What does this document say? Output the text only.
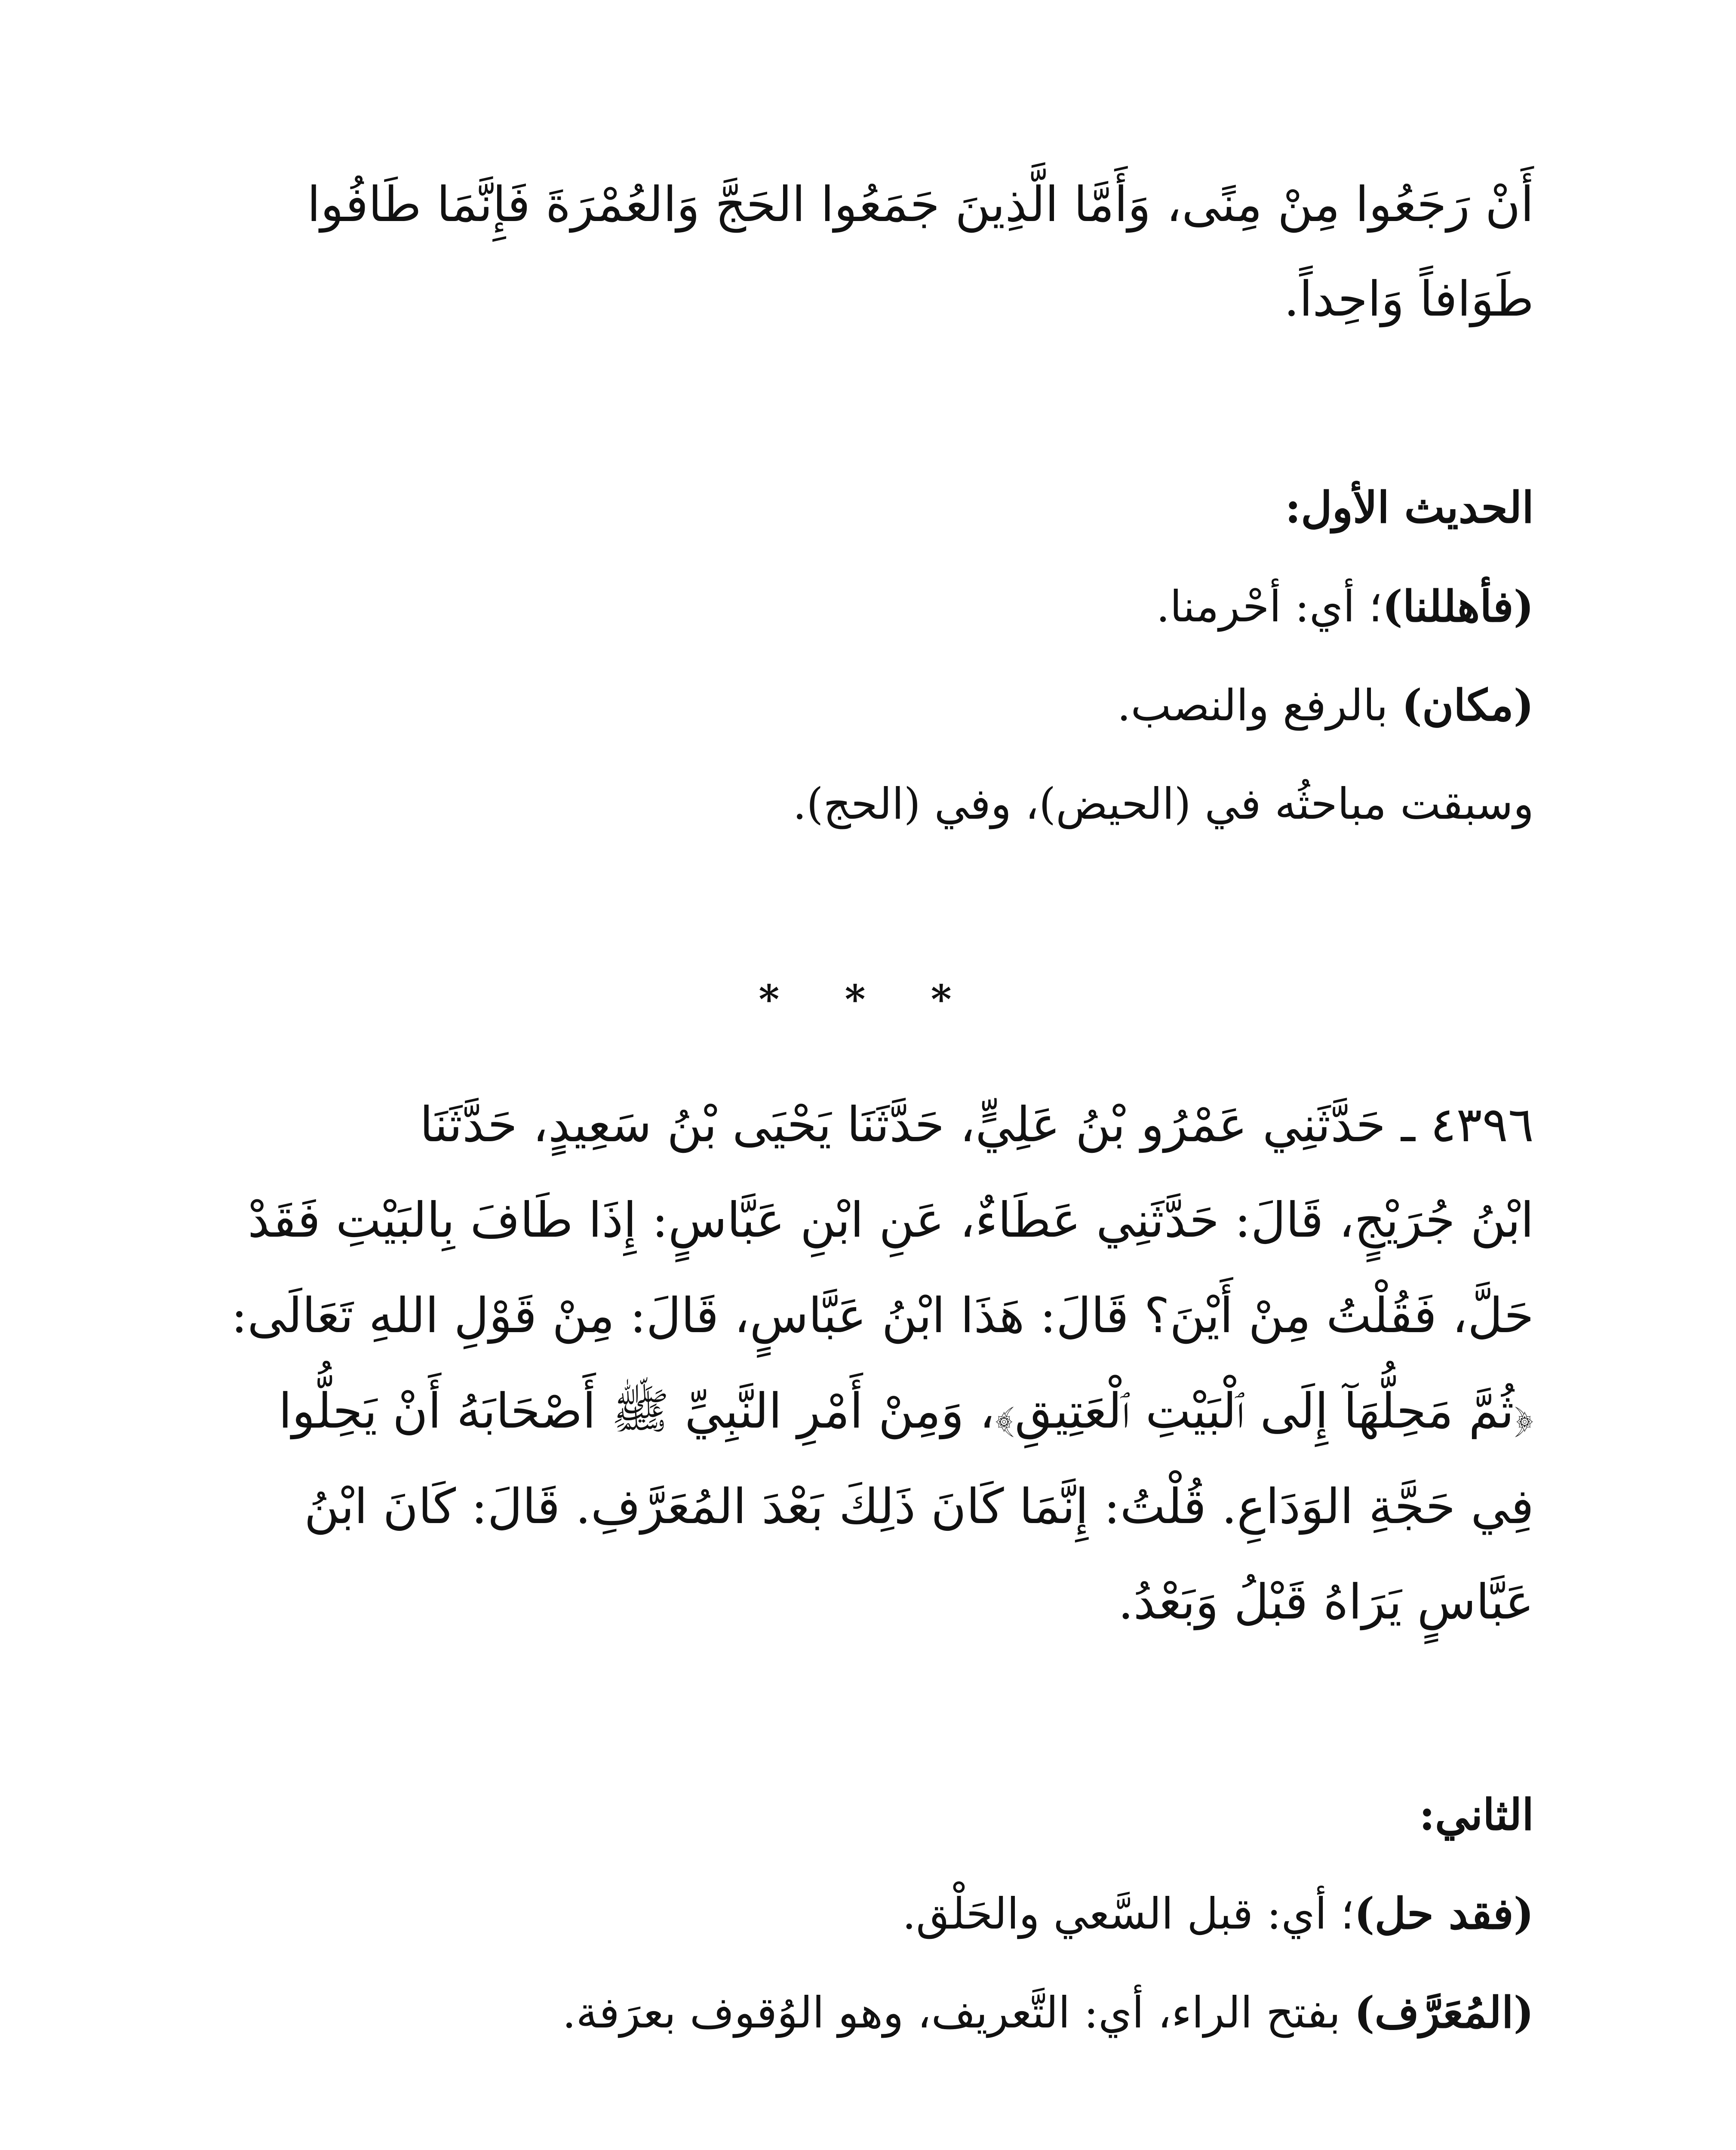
أَنْ رَجَعُوا مِنْ مِنًى، وَأَمَّا الَّذِينَ جَمَعُوا الحَجَّ وَالعُمْرَةَ فَإِنَّمَا طَافُوا
طَوَافاً وَاحِداً.
الحديث الأول:
(فأهللنا)؛ أي: أحْرمنا.
(مكان) بالرفع والنصب.
وسبقت مباحثُه في (الحيض)، وفي (الحج).
* * *
٤٣٩٦ ـ حَدَّثَنِي عَمْرُو بْنُ عَلِيٍّ، حَدَّثَنَا يَحْيَى بْنُ سَعِيدٍ، حَدَّثَنَا
ابْنُ جُرَيْجٍ، قَالَ: حَدَّثَنِي عَطَاءٌ، عَنِ ابْنِ عَبَّاسٍ: إِذَا طَافَ بِالبَيْتِ فَقَدْ
حَلَّ، فَقُلْتُ مِنْ أَيْنَ؟ قَالَ: هَذَا ابْنُ عَبَّاسٍ، قَالَ: مِنْ قَوْلِ اللهِ تَعَالَى:
﴿ثُمَّ مَحِلُّهَآ إِلَى ٱلْبَيْتِ ٱلْعَتِيقِ﴾، وَمِنْ أَمْرِ النَّبِيِّ ﷺ أَصْحَابَهُ أَنْ يَحِلُّوا
فِي حَجَّةِ الوَدَاعِ. قُلْتُ: إِنَّمَا كَانَ ذَلِكَ بَعْدَ المُعَرَّفِ. قَالَ: كَانَ ابْنُ
عَبَّاسٍ يَرَاهُ قَبْلُ وَبَعْدُ.
الثاني:
(فقد حل)؛ أي: قبل السَّعي والحَلْق.
(المُعَرَّف) بفتح الراء، أي: التَّعريف، وهو الوُقوف بعرَفة.
